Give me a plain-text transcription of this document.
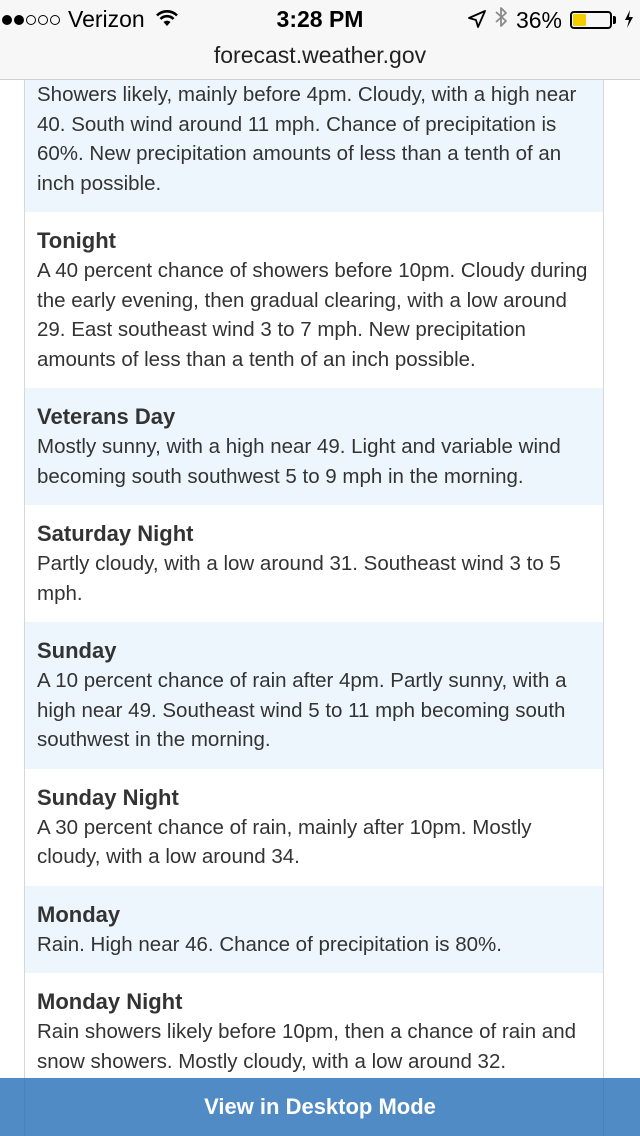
Verizon	3:28 PM	36%
forecast.weather.gov
Showers likely, mainly before 4pm. Cloudy, with a high near 40. South wind around 11 mph. Chance of precipitation is 60%. New precipitation amounts of less than a tenth of an inch possible.
Tonight
A 40 percent chance of showers before 10pm. Cloudy during the early evening, then gradual clearing, with a low around 29. East southeast wind 3 to 7 mph. New precipitation amounts of less than a tenth of an inch possible.
Veterans Day
Mostly sunny, with a high near 49. Light and variable wind becoming south southwest 5 to 9 mph in the morning.
Saturday Night
Partly cloudy, with a low around 31. Southeast wind 3 to 5 mph.
Sunday
A 10 percent chance of rain after 4pm. Partly sunny, with a high near 49. Southeast wind 5 to 11 mph becoming south southwest in the morning.
Sunday Night
A 30 percent chance of rain, mainly after 10pm. Mostly cloudy, with a low around 34.
Monday
Rain. High near 46. Chance of precipitation is 80%.
Monday Night
Rain showers likely before 10pm, then a chance of rain and snow showers. Mostly cloudy, with a low around 32.
View in Desktop Mode
